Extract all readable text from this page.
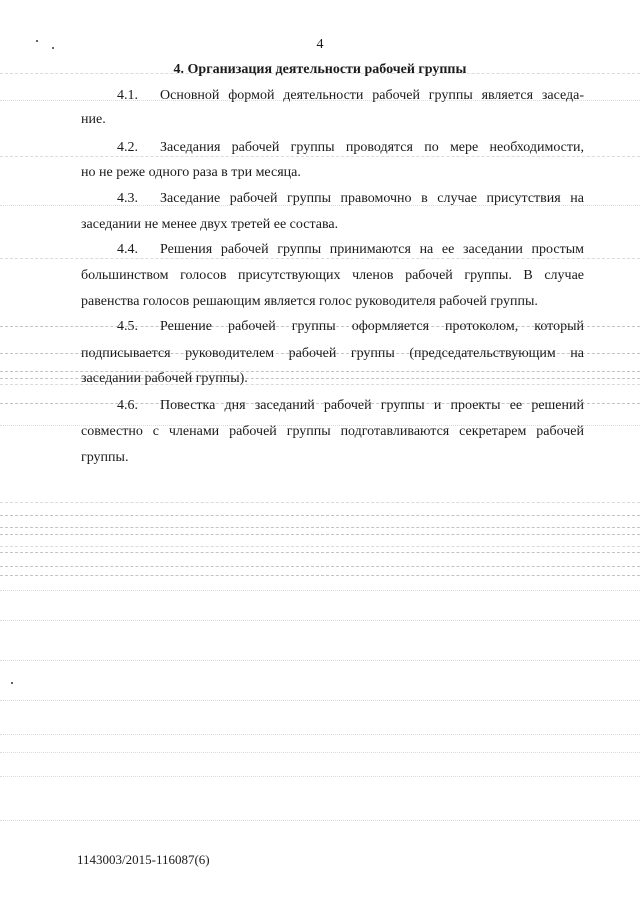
4
4. Организация деятельности рабочей группы
4.1. Основной формой деятельности рабочей группы является заседа-
ние.
4.2. Заседания рабочей группы проводятся по мере необходимости,
но не реже одного раза в три месяца.
4.3. Заседание рабочей группы правомочно в случае присутствия на
заседании не менее двух третей ее состава.
4.4. Решения рабочей группы принимаются на ее заседании простым
большинством голосов присутствующих членов рабочей группы. В случае
равенства голосов решающим является голос руководителя рабочей группы.
4.5. Решение рабочей группы оформляется протоколом, который
подписывается руководителем рабочей группы (председательствующим на
заседании рабочей группы).
4.6. Повестка дня заседаний рабочей группы и проекты ее решений
совместно с членами рабочей группы подготавливаются секретарем рабочей
группы.
1143003/2015-116087(6)
